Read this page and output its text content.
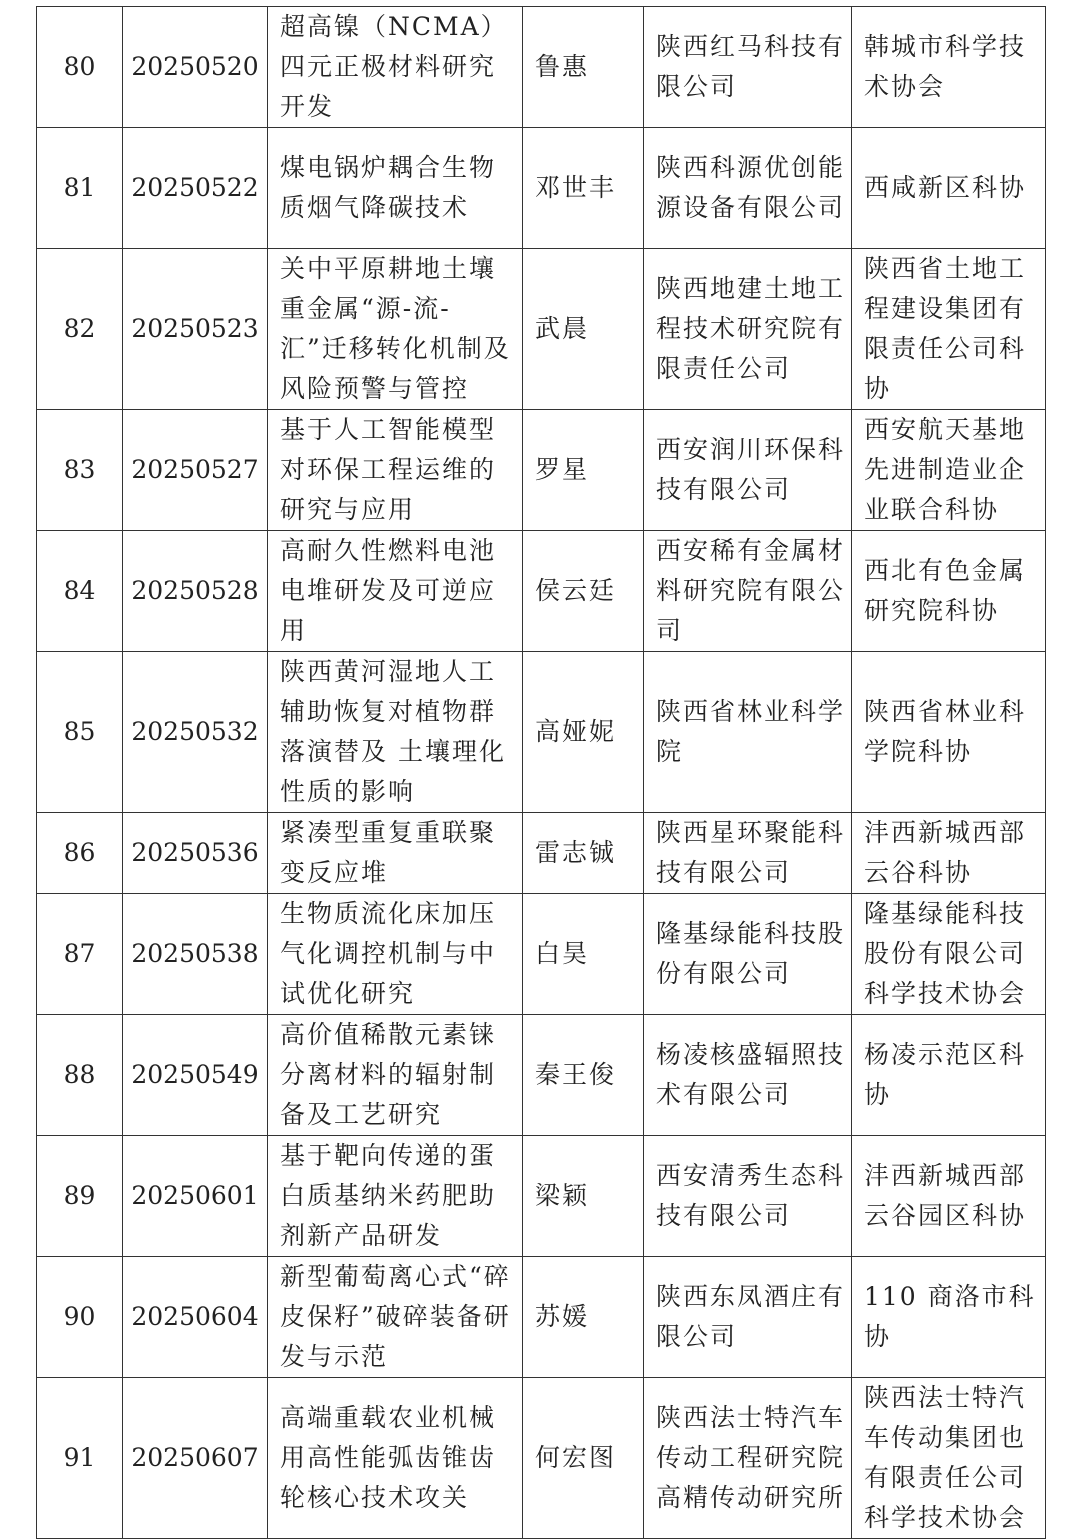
80	20250520	超高镍（NCMA）四元正极材料研究开发	鲁惠	陕西红马科技有限公司	韩城市科学技术协会
81	20250522	煤电锅炉耦合生物质烟气降碳技术	邓世丰	陕西科源优创能源设备有限公司	西咸新区科协
82	20250523	关中平原耕地土壤重金属“源-流-汇”迁移转化机制及风险预警与管控	武晨	陕西地建土地工程技术研究院有限责任公司	陕西省土地工程建设集团有限责任公司科协
83	20250527	基于人工智能模型对环保工程运维的研究与应用	罗星	西安润川环保科技有限公司	西安航天基地先进制造业企业联合科协
84	20250528	高耐久性燃料电池电堆研发及可逆应用	侯云廷	西安稀有金属材料研究院有限公司	西北有色金属研究院科协
85	20250532	陕西黄河湿地人工辅助恢复对植物群落演替及 土壤理化性质的影响	高娅妮	陕西省林业科学院	陕西省林业科学院科协
86	20250536	紧凑型重复重联聚变反应堆	雷志铖	陕西星环聚能科技有限公司	沣西新城西部云谷科协
87	20250538	生物质流化床加压气化调控机制与中试优化研究	白昊	隆基绿能科技股份有限公司	隆基绿能科技股份有限公司科学技术协会
88	20250549	高价值稀散元素铼分离材料的辐射制备及工艺研究	秦王俊	杨凌核盛辐照技术有限公司	杨凌示范区科协
89	20250601	基于靶向传递的蛋白质基纳米药肥助剂新产品研发	梁颖	西安清秀生态科技有限公司	沣西新城西部云谷园区科协
90	20250604	新型葡萄离心式“碎皮保籽”破碎装备研发与示范	苏媛	陕西东凤酒庄有限公司	110 商洛市科协
91	20250607	高端重载农业机械用高性能弧齿锥齿轮核心技术攻关	何宏图	陕西法士特汽车传动工程研究院高精传动研究所	陕西法士特汽车传动集团也有限责任公司科学技术协会
